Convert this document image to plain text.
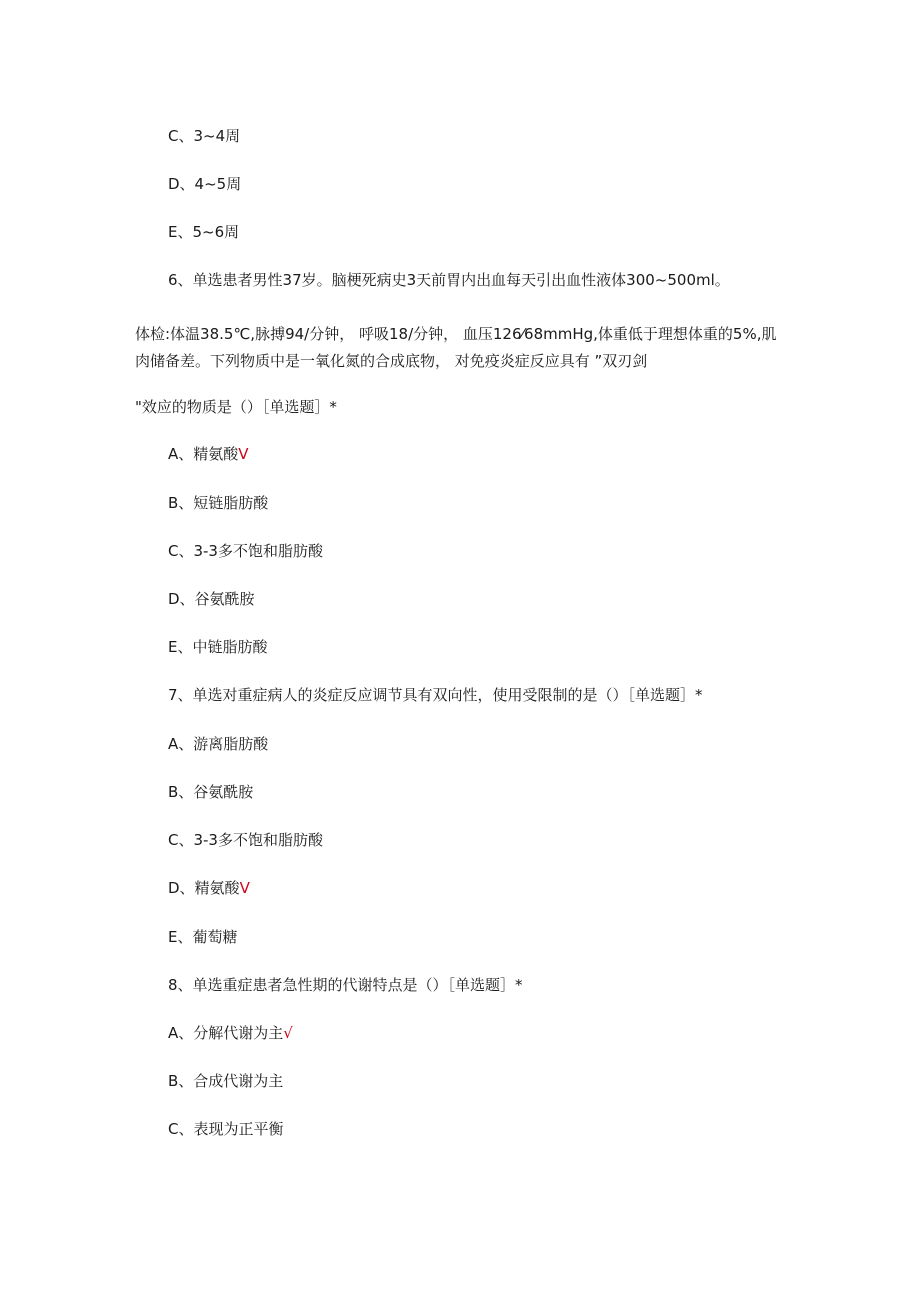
C、3~4周
D、4~5周
E、5~6周
6、单选患者男性37岁。脑梗死病史3天前胃内出血每天引出血性液体300~500ml。
体检:体温38.5℃,脉搏94/分钟， 呼吸18/分钟， 血压126⁄68mmHg,体重低于理想体重的5%,肌
肉储备差。下列物质中是一氧化氮的合成底物， 对免疫炎症反应具有 ”双刃剑
"效应的物质是（）［单选题］*
A、精氨酸V
B、短链脂肪酸
C、3-3多不饱和脂肪酸
D、谷氨酰胺
E、中链脂肪酸
7、单选对重症病人的炎症反应调节具有双向性，使用受限制的是（）［单选题］*
A、游离脂肪酸
B、谷氨酰胺
C、3-3多不饱和脂肪酸
D、精氨酸V
E、葡萄糖
8、单选重症患者急性期的代谢特点是（）［单选题］*
A、分解代谢为主√
B、合成代谢为主
C、表现为正平衡
